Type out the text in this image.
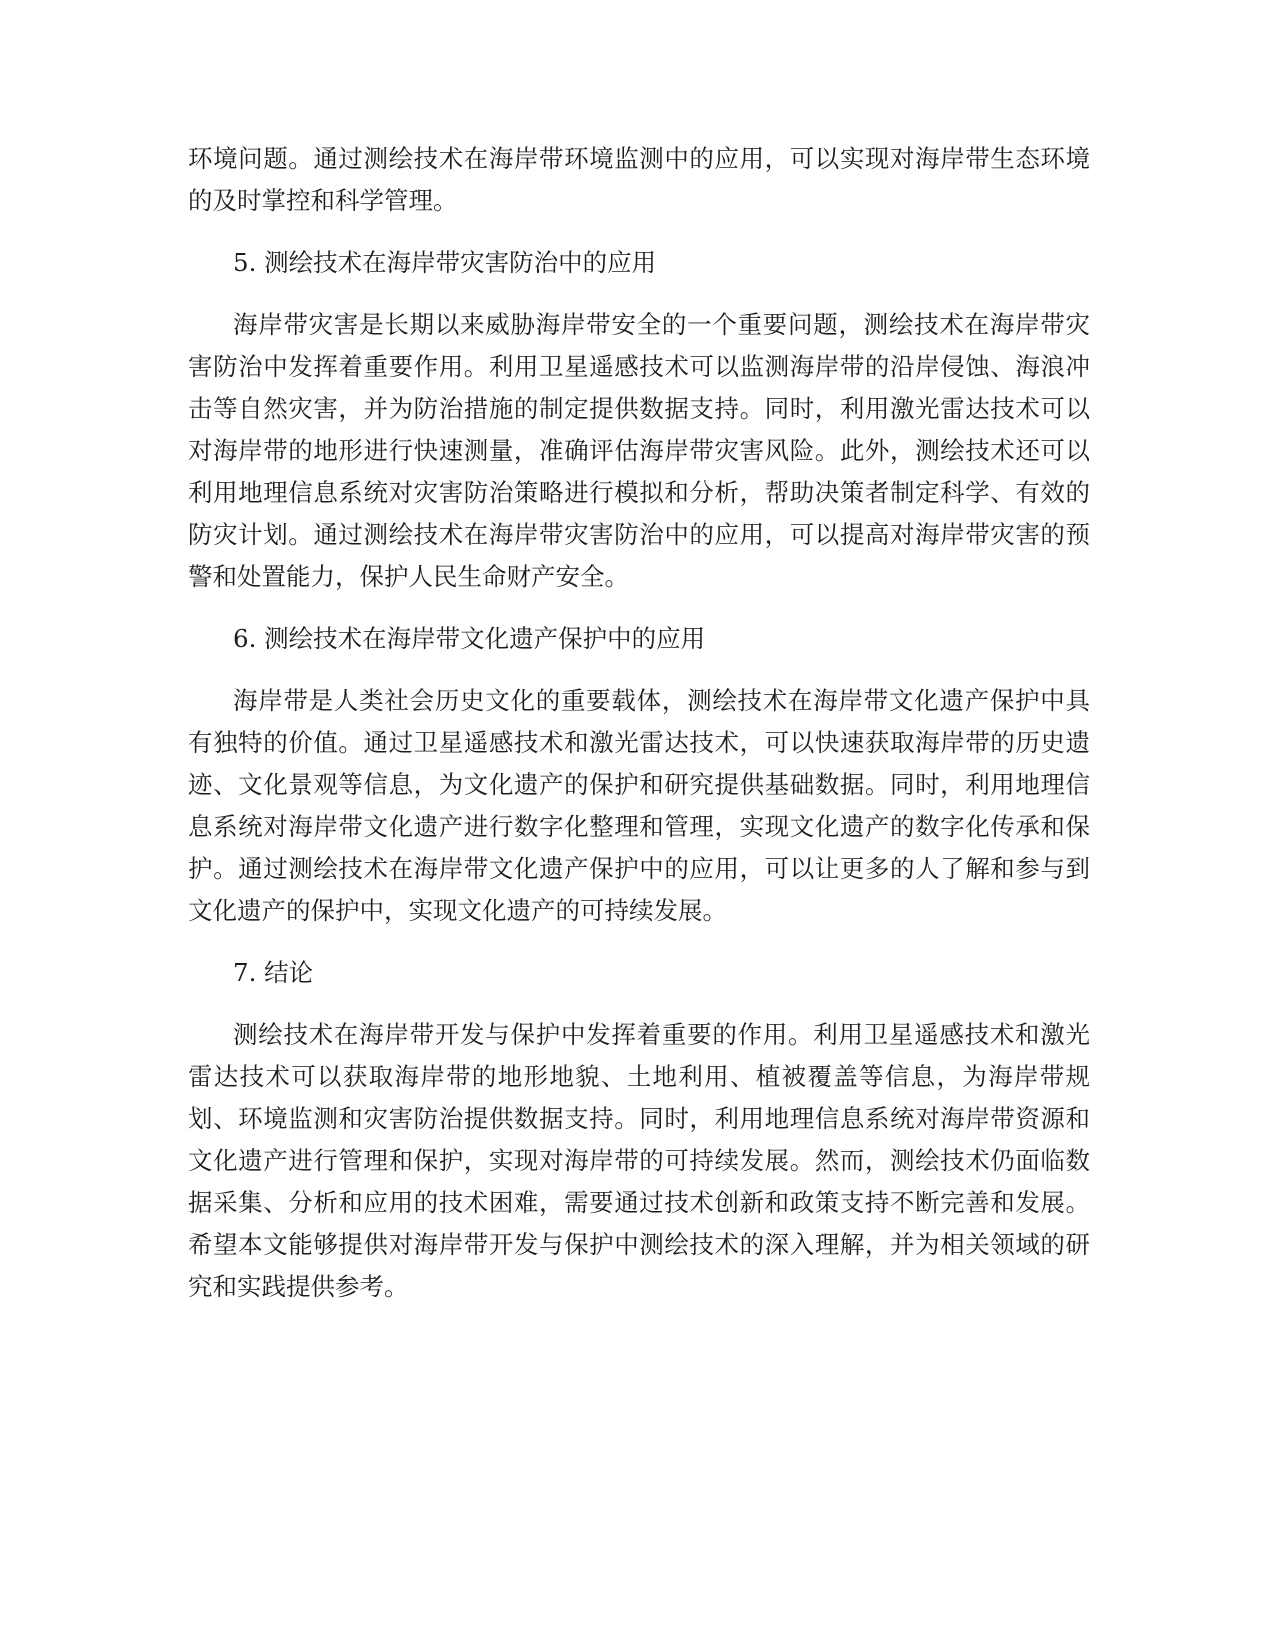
环境问题。通过测绘技术在海岸带环境监测中的应用，可以实现对海岸带生态环境的及时掌控和科学管理。

5. 测绘技术在海岸带灾害防治中的应用

海岸带灾害是长期以来威胁海岸带安全的一个重要问题，测绘技术在海岸带灾害防治中发挥着重要作用。利用卫星遥感技术可以监测海岸带的沿岸侵蚀、海浪冲击等自然灾害，并为防治措施的制定提供数据支持。同时，利用激光雷达技术可以对海岸带的地形进行快速测量，准确评估海岸带灾害风险。此外，测绘技术还可以利用地理信息系统对灾害防治策略进行模拟和分析，帮助决策者制定科学、有效的防灾计划。通过测绘技术在海岸带灾害防治中的应用，可以提高对海岸带灾害的预警和处置能力，保护人民生命财产安全。

6. 测绘技术在海岸带文化遗产保护中的应用

海岸带是人类社会历史文化的重要载体，测绘技术在海岸带文化遗产保护中具有独特的价值。通过卫星遥感技术和激光雷达技术，可以快速获取海岸带的历史遗迹、文化景观等信息，为文化遗产的保护和研究提供基础数据。同时，利用地理信息系统对海岸带文化遗产进行数字化整理和管理，实现文化遗产的数字化传承和保护。通过测绘技术在海岸带文化遗产保护中的应用，可以让更多的人了解和参与到文化遗产的保护中，实现文化遗产的可持续发展。

7. 结论

测绘技术在海岸带开发与保护中发挥着重要的作用。利用卫星遥感技术和激光雷达技术可以获取海岸带的地形地貌、土地利用、植被覆盖等信息，为海岸带规划、环境监测和灾害防治提供数据支持。同时，利用地理信息系统对海岸带资源和文化遗产进行管理和保护，实现对海岸带的可持续发展。然而，测绘技术仍面临数据采集、分析和应用的技术困难，需要通过技术创新和政策支持不断完善和发展。希望本文能够提供对海岸带开发与保护中测绘技术的深入理解，并为相关领域的研究和实践提供参考。
